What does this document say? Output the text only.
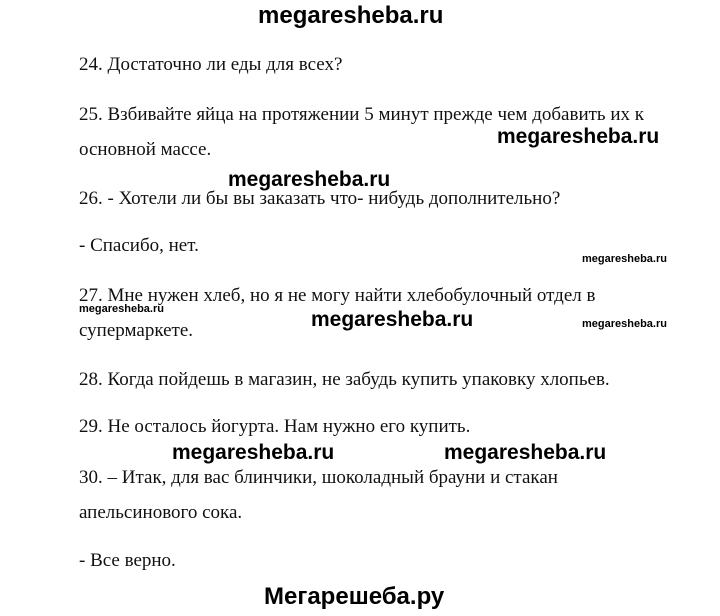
megaresheba.ru
24. Достаточно ли еды для всех?
25. Взбивайте яйца на протяжении 5 минут прежде чем добавить их к
основной массе.
26. - Хотели ли бы вы заказать что- нибудь дополнительно?
- Спасибо, нет.
27. Мне нужен хлеб, но я не могу найти хлебобулочный отдел в
супермаркете.
28. Когда пойдешь в магазин, не забудь купить упаковку хлопьев.
29. Не осталось йогурта. Нам нужно его купить.
30. – Итак, для вас блинчики, шоколадный брауни и стакан
апельсинового сока.
- Все верно.
megaresheba.ru
megaresheba.ru
megaresheba.ru
megaresheba.ru	megaresheba.ru	megaresheba.ru
megaresheba.ru	megaresheba.ru
Мегарешеба.ру
